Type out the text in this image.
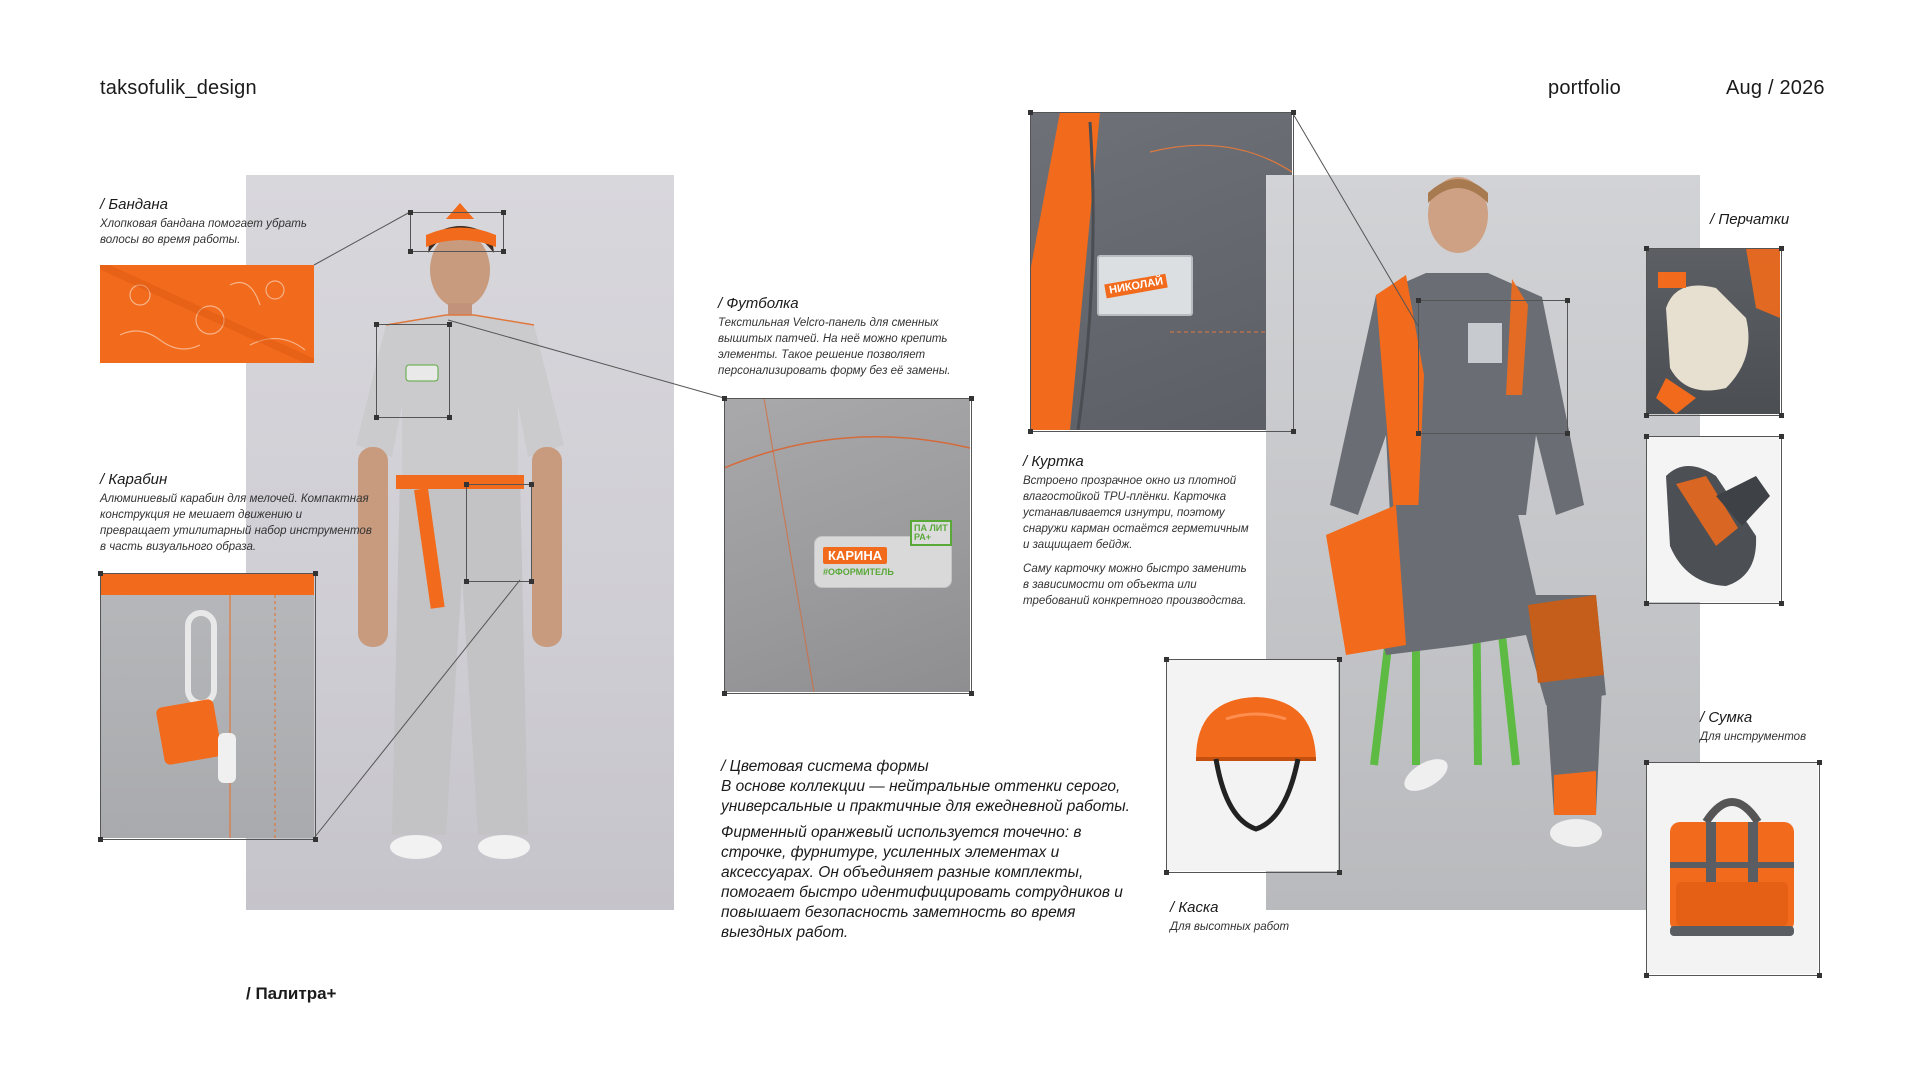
taksofulik_design	portfolio	Aug / 2026
КАРИНА
#ОФОРМИТЕЛЬ
ПА ЛИТ РА+
НИКОЛАЙ

/ Бандана

Хлопковая бандана помогает убрать волосы во время работы.

/ Карабин

Алюминиевый карабин для мелочей. Компактная конструкция не мешает движению и превращает утилитарный набор инструментов в часть визуального образа.

/ Футболка

Текстильная Velcro-панель для сменных вышитых патчей. На неё можно крепить элементы. Такое решение позволяет персонализировать форму без её замены.

/ Куртка

Встроено прозрачное окно из плотной влагостойкой TPU-плёнки. Карточка устанавливается изнутри, поэтому снаружи карман остаётся герметичным и защищает бейдж.

Саму карточку можно быстро заменить в зависимости от объекта или требований конкретного производства.

/ Перчатки

/ Каска

Для высотных работ

/ Сумка

Для инструментов

/ Цветовая система формы

В основе коллекции — нейтральные оттенки серого, универсальные и практичные для ежедневной работы.

Фирменный оранжевый используется точечно: в строчке, фурнитуре, усиленных элементах и аксессуарах. Он объединяет разные комплекты, помогает быстро идентифицировать сотрудников и повышает безопасность заметность во время выездных работ.

/ Палитра+
